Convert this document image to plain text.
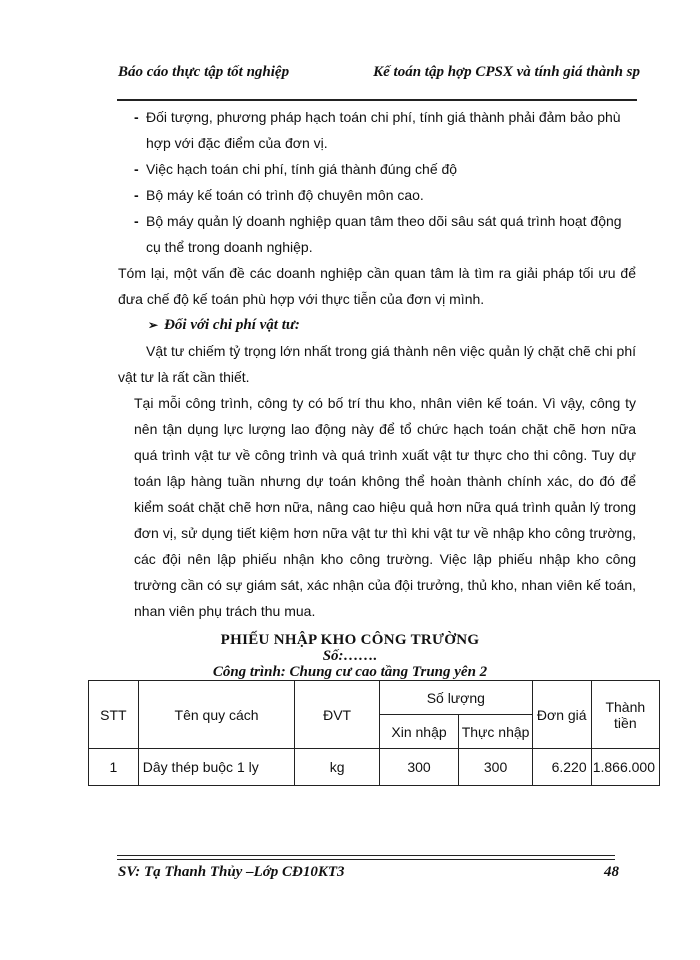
Báo cáo thực tập tốt nghiệp	Kế toán tập hợp CPSX và tính giá thành sp
- Đối tượng, phương pháp hạch toán chi phí, tính giá thành phải đảm bảo phù hợp với đặc điểm của đơn vị.
- Việc hạch toán chi phí, tính giá thành đúng chế độ
- Bộ máy kế toán có trình độ chuyên môn cao.
- Bộ máy quản lý doanh nghiệp quan tâm theo dõi sâu sát quá trình hoạt động cụ thể trong doanh nghiệp.

Tóm lại, một vấn đề các doanh nghiệp cần quan tâm là tìm ra giải pháp tối ưu để đưa chế độ kế toán phù hợp với thực tiễn của đơn vị mình.

➢ Đối với chi phí vật tư:

Vật tư chiếm tỷ trọng lớn nhất trong giá thành nên việc quản lý chặt chẽ chi phí vật tư là rất cần thiết.

Tại mỗi công trình, công ty có bố trí thu kho, nhân viên kế toán. Vì vậy, công ty nên tận dụng lực lượng lao động này để tổ chức hạch toán chặt chẽ hơn nữa quá trình vật tư về công trình và quá trình xuất vật tư thực cho thi công. Tuy dự toán lập hàng tuần nhưng dự toán không thể hoàn thành chính xác, do đó để kiểm soát chặt chẽ hơn nữa, nâng cao hiệu quả hơn nữa quá trình quản lý trong đơn vị, sử dụng tiết kiệm hơn nữa vật tư thì khi vật tư về nhập kho công trường, các đội nên lập phiếu nhận kho công trường. Việc lập phiếu nhập kho công trường cần có sự giám sát, xác nhận của đội trưởng, thủ kho, nhan viên kế toán, nhan viên phụ trách thu mua.

PHIẾU NHẬP KHO CÔNG TRƯỜNG
Số:…….
Công trình: Chung cư cao tầng Trung yên 2
STT	Tên quy cách	ĐVT	Số lượng		Đơn giá	Thành tiền
			Xin nhập	Thực nhập		
1	Dây thép buộc 1 ly	kg	300	300	6.220	1.866.000
SV: Tạ Thanh Thủy –Lớp CĐ10KT3	48
